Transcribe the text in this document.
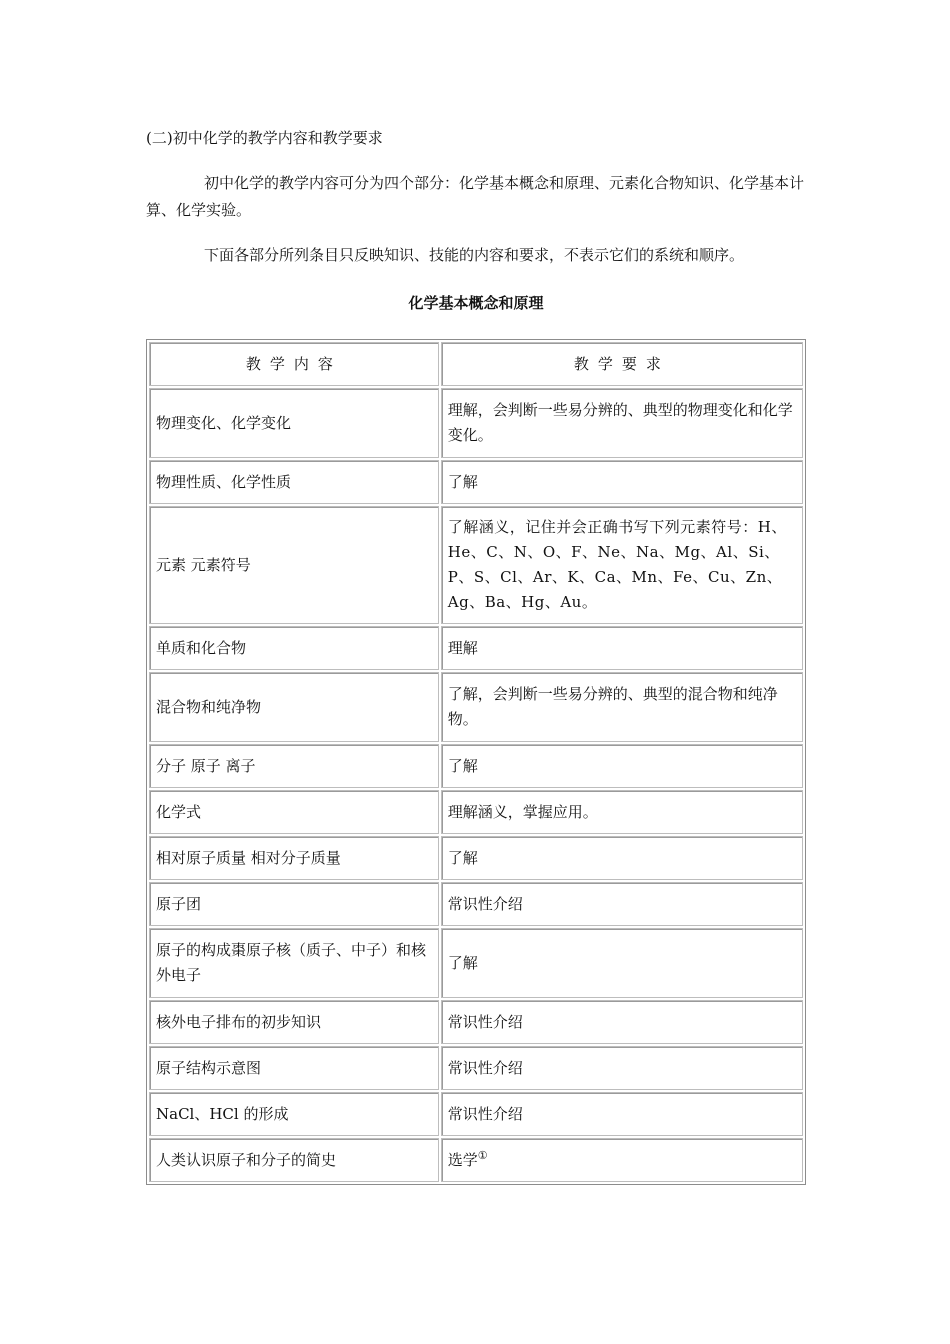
(二)初中化学的教学内容和教学要求
初中化学的教学内容可分为四个部分：化学基本概念和原理、元素化合物知识、化学基本计算、化学实验。
下面各部分所列条目只反映知识、技能的内容和要求，不表示它们的系统和顺序。
化学基本概念和原理
教学内容	教学要求
物理变化、化学变化	理解，会判断一些易分辨的、典型的物理变化和化学变化。
物理性质、化学性质	了解
元素 元素符号	了解涵义，记住并会正确书写下列元素符号：H、He、C、N、O、F、Ne、Na、Mg、Al、Si、P、S、Cl、Ar、K、Ca、Mn、Fe、Cu、Zn、Ag、Ba、Hg、Au。
单质和化合物	理解
混合物和纯净物	了解，会判断一些易分辨的、典型的混合物和纯净物。
分子 原子 离子	了解
化学式	理解涵义，掌握应用。
相对原子质量 相对分子质量	了解
原子团	常识性介绍
原子的构成棗原子核（质子、中子）和核外电子	了解
核外电子排布的初步知识	常识性介绍
原子结构示意图	常识性介绍
NaCl、HCl 的形成	常识性介绍
人类认识原子和分子的简史	选学①
